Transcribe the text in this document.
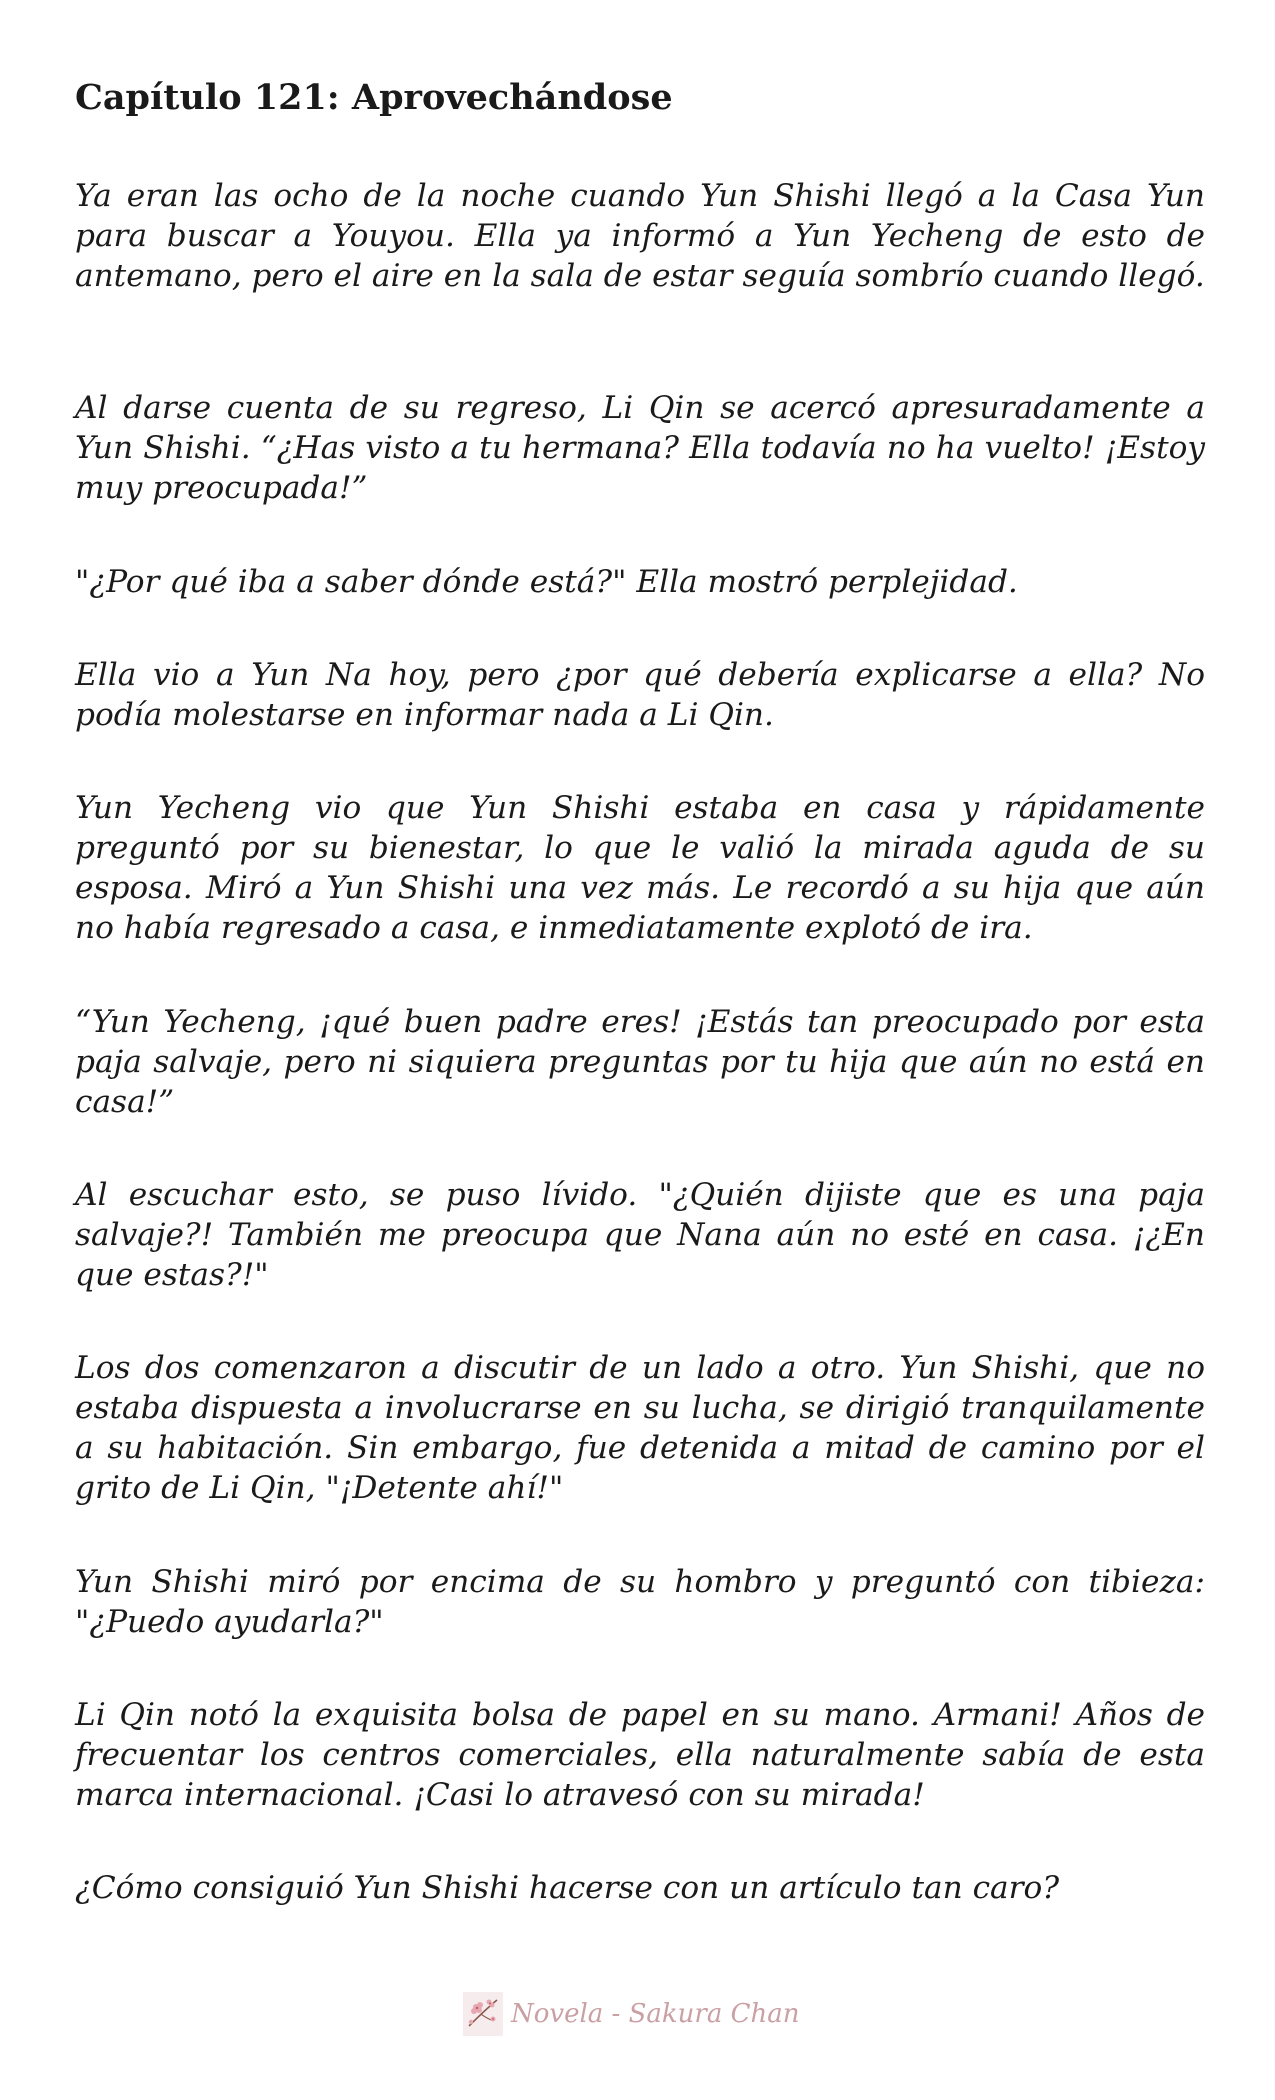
Capítulo 121: Aprovechándose

Ya eran las ocho de la noche cuando Yun Shishi llegó a la Casa Yun para buscar a Youyou. Ella ya informó a Yun Yecheng de esto de antemano, pero el aire en la sala de estar seguía sombrío cuando llegó.

Al darse cuenta de su regreso, Li Qin se acercó apresuradamente a Yun Shishi. “¿Has visto a tu hermana? Ella todavía no ha vuelto! ¡Estoy muy preocupada!”

"¿Por qué iba a saber dónde está?" Ella mostró perplejidad.

Ella vio a Yun Na hoy, pero ¿por qué debería explicarse a ella? No podía molestarse en informar nada a Li Qin.

Yun Yecheng vio que Yun Shishi estaba en casa y rápidamente preguntó por su bienestar, lo que le valió la mirada aguda de su esposa. Miró a Yun Shishi una vez más. Le recordó a su hija que aún no había regresado a casa, e inmediatamente explotó de ira.

“Yun Yecheng, ¡qué buen padre eres! ¡Estás tan preocupado por esta paja salvaje, pero ni siquiera preguntas por tu hija que aún no está en casa!”

Al escuchar esto, se puso lívido. "¿Quién dijiste que es una paja salvaje?! También me preocupa que Nana aún no esté en casa. ¡¿En que estas?!"

Los dos comenzaron a discutir de un lado a otro. Yun Shishi, que no estaba dispuesta a involucrarse en su lucha, se dirigió tranquilamente a su habitación. Sin embargo, fue detenida a mitad de camino por el grito de Li Qin, "¡Detente ahí!"

Yun Shishi miró por encima de su hombro y preguntó con tibieza: "¿Puedo ayudarla?"

Li Qin notó la exquisita bolsa de papel en su mano. Armani! Años de frecuentar los centros comerciales, ella naturalmente sabía de esta marca internacional. ¡Casi lo atravesó con su mirada!

¿Cómo consiguió Yun Shishi hacerse con un artículo tan caro?

Novela - Sakura Chan
